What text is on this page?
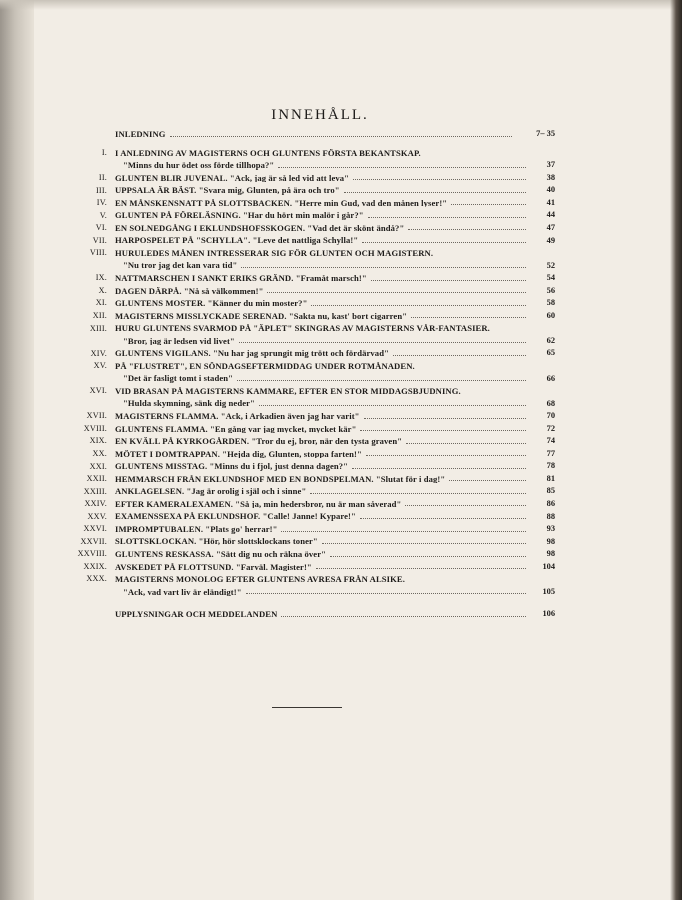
INNEHÅLL.
INLEDNING	7– 35
I. I ANLEDNING AV MAGISTERNS OCH GLUNTENS FÖRSTA BEKANTSKAP.
"Minns du hur ödet oss förde tillhopa?"	37
II. GLUNTEN BLIR JUVENAL. "Ack, jag är så led vid att leva"	38
III. UPPSALA ÄR BÄST. "Svara mig, Glunten, på ära och tro"	40
IV. EN MÅNSKENSNATT PÅ SLOTTSBACKEN. "Herre min Gud, vad den månen lyser!"	41
V. GLUNTEN PÅ FÖRELÄSNING. "Har du hört min malör i går?"	44
VI. EN SOLNEDGÅNG I EKLUNDSHOFSSKOGEN. "Vad det är skönt ändå?"	47
VII. HARPOSPELET PÅ "SCHYLLA". "Leve det nattliga Schylla!"	49
VIII. HURULEDES MÅNEN INTRESSERAR SIG FÖR GLUNTEN OCH MAGISTERN.
"Nu tror jag det kan vara tid"	52
IX. NATTMARSCHEN I SANKT ERIKS GRÄND. "Framåt marsch!"	54
X. DAGEN DÄRPÅ. "Nå så välkommen!"	56
XI. GLUNTENS MOSTER. "Känner du min moster?"	58
XII. MAGISTERNS MISSLYCKADE SERENAD. "Sakta nu, kast' bort cigarren"	60
XIII. HURU GLUNTENS SVARMOD PÅ "ÄPLET" SKINGRAS AV MAGISTERNS VÅR-FANTASIER.
"Bror, jag är ledsen vid livet"	62
XIV. GLUNTENS VIGILANS. "Nu har jag sprungit mig trött och fördärvad"	65
XV. PÅ "FLUSTRET", EN SÖNDAGSEFTERMIDDAG UNDER ROTMÅNADEN.
"Det är fasligt tomt i staden"	66
XVI. VID BRASAN PÅ MAGISTERNS KAMMARE, EFTER EN STOR MIDDAGSBJUDNING.
"Hulda skymning, sänk dig neder"	68
XVII. MAGISTERNS FLAMMA. "Ack, i Arkadien även jag har varit"	70
XVIII. GLUNTENS FLAMMA. "En gång var jag mycket, mycket kär"	72
XIX. EN KVÄLL PÅ KYRKOGÅRDEN. "Tror du ej, bror, när den tysta graven"	74
XX. MÖTET I DOMTRAPPAN. "Hejda dig, Glunten, stoppa farten!"	77
XXI. GLUNTENS MISSTAG. "Minns du i fjol, just denna dagen?"	78
XXII. HEMMARSCH FRÅN EKLUNDSHOF MED EN BONDSPELMAN. "Slutat för i dag!"	81
XXIII. ANKLAGELSEN. "Jag är orolig i själ och i sinne"	85
XXIV. EFTER KAMERALEXAMEN. "Så ja, min hedersbror, nu är man såverad"	86
XXV. EXAMENSSEXA PÅ EKLUNDSHOF. "Calle! Janne! Kypare!"	88
XXVI. IMPROMPTUBALEN. "Plats go' herrar!"	93
XXVII. SLOTTSKLOCKAN. "Hör, hör slottsklockans toner"	98
XXVIII. GLUNTENS RESKASSA. "Sätt dig nu och räkna över"	98
XXIX. AVSKEDET PÅ FLOTTSUND. "Farväl. Magister!"	104
XXX. MAGISTERNS MONOLOG EFTER GLUNTENS AVRESA FRÅN ALSIKE.
"Ack, vad vart liv är eländigt!"	105
UPPLYSNINGAR OCH MEDDELANDEN	106
